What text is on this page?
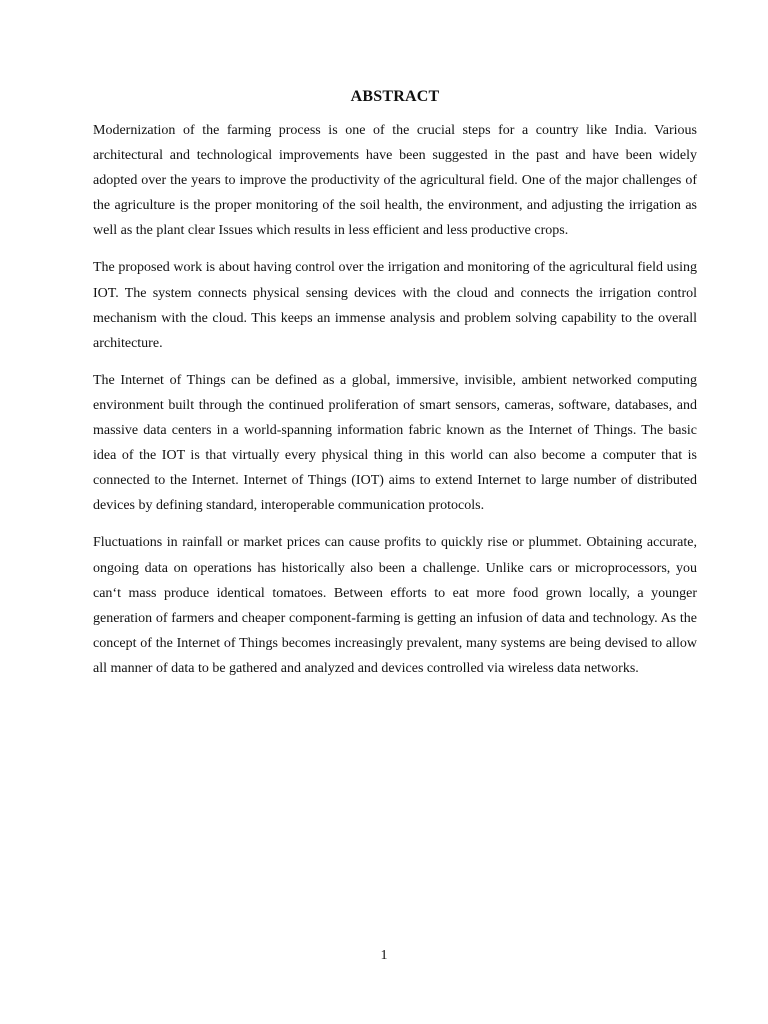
ABSTRACT

Modernization of the farming process is one of the crucial steps for a country like India. Various architectural and technological improvements have been suggested in the past and have been widely adopted over the years to improve the productivity of the agricultural field. One of the major challenges of the agriculture is the proper monitoring of the soil health, the environment, and adjusting the irrigation as well as the plant clear Issues which results in less efficient and less productive crops.

The proposed work is about having control over the irrigation and monitoring of the agricultural field using IOT. The system connects physical sensing devices with the cloud and connects the irrigation control mechanism with the cloud. This keeps an immense analysis and problem solving capability to the overall architecture.

The Internet of Things can be defined as a global, immersive, invisible, ambient networked computing environment built through the continued proliferation of smart sensors, cameras, software, databases, and massive data centers in a world-spanning information fabric known as the Internet of Things. The basic idea of the IOT is that virtually every physical thing in this world can also become a computer that is connected to the Internet. Internet of Things (IOT) aims to extend Internet to large number of distributed devices by defining standard, interoperable communication protocols.

Fluctuations in rainfall or market prices can cause profits to quickly rise or plummet. Obtaining accurate, ongoing data on operations has historically also been a challenge. Unlike cars or microprocessors, you can‘t mass produce identical tomatoes. Between efforts to eat more food grown locally, a younger generation of farmers and cheaper component-farming is getting an infusion of data and technology. As the concept of the Internet of Things becomes increasingly prevalent, many systems are being devised to allow all manner of data to be gathered and analyzed and devices controlled via wireless data networks.

1
